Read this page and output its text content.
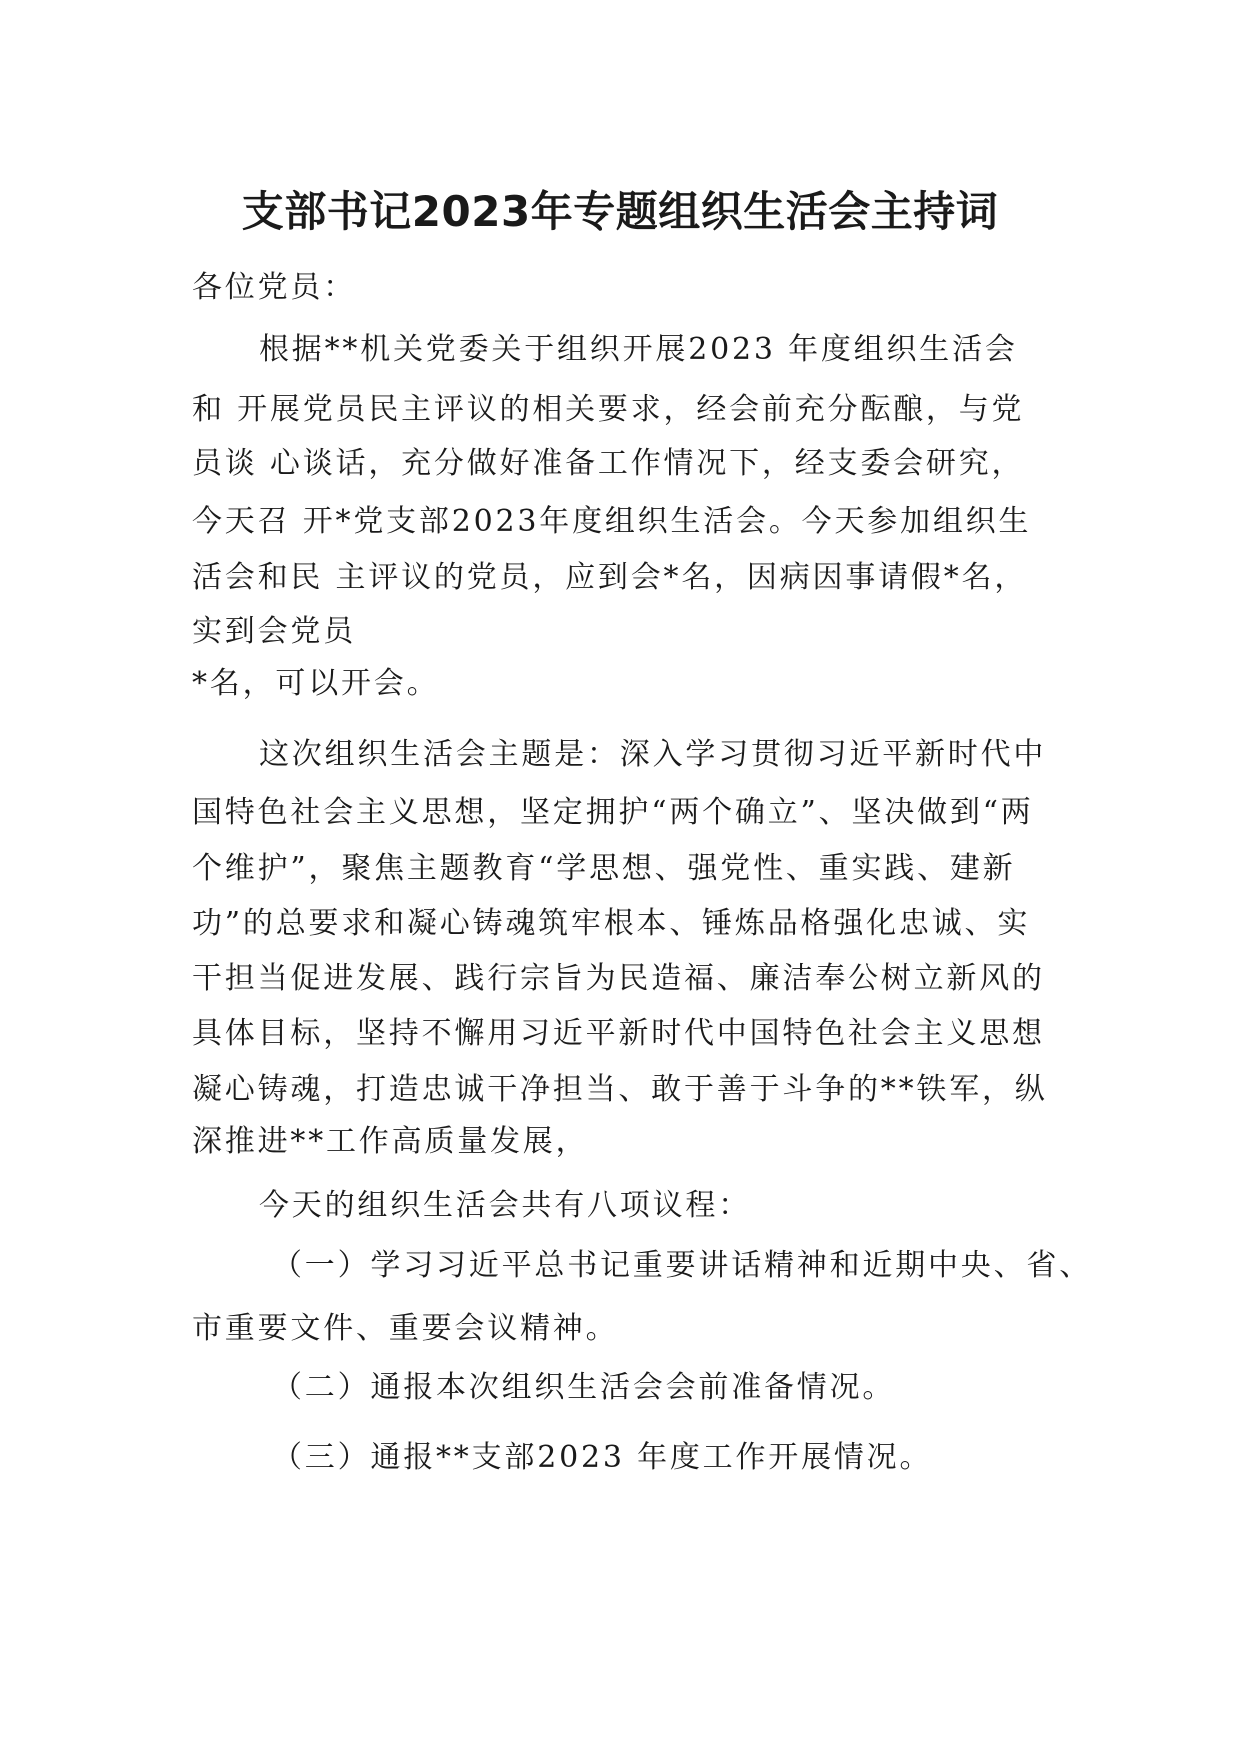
支部书记2023年专题组织生活会主持词
各位党员：
根据**机关党委关于组织开展2023 年度组织生活会
和 开展党员民主评议的相关要求，经会前充分酝酿，与党
员谈 心谈话，充分做好准备工作情况下，经支委会研究，
今天召 开*党支部2023年度组织生活会。今天参加组织生
活会和民 主评议的党员，应到会*名，因病因事请假*名，
实到会党员
*名，可以开会。
这次组织生活会主题是：深入学习贯彻习近平新时代中
国特色社会主义思想，坚定拥护“两个确立”、坚决做到“两
个维护”，聚焦主题教育“学思想、强党性、重实践、建新
功”的总要求和凝心铸魂筑牢根本、锤炼品格强化忠诚、实
干担当促进发展、践行宗旨为民造福、廉洁奉公树立新风的
具体目标，坚持不懈用习近平新时代中国特色社会主义思想
凝心铸魂，打造忠诚干净担当、敢于善于斗争的**铁军，纵
深推进**工作高质量发展，
今天的组织生活会共有八项议程：
（一）学习习近平总书记重要讲话精神和近期中央、省、
市重要文件、重要会议精神。
（二）通报本次组织生活会会前准备情况。
（三）通报**支部2023 年度工作开展情况。
